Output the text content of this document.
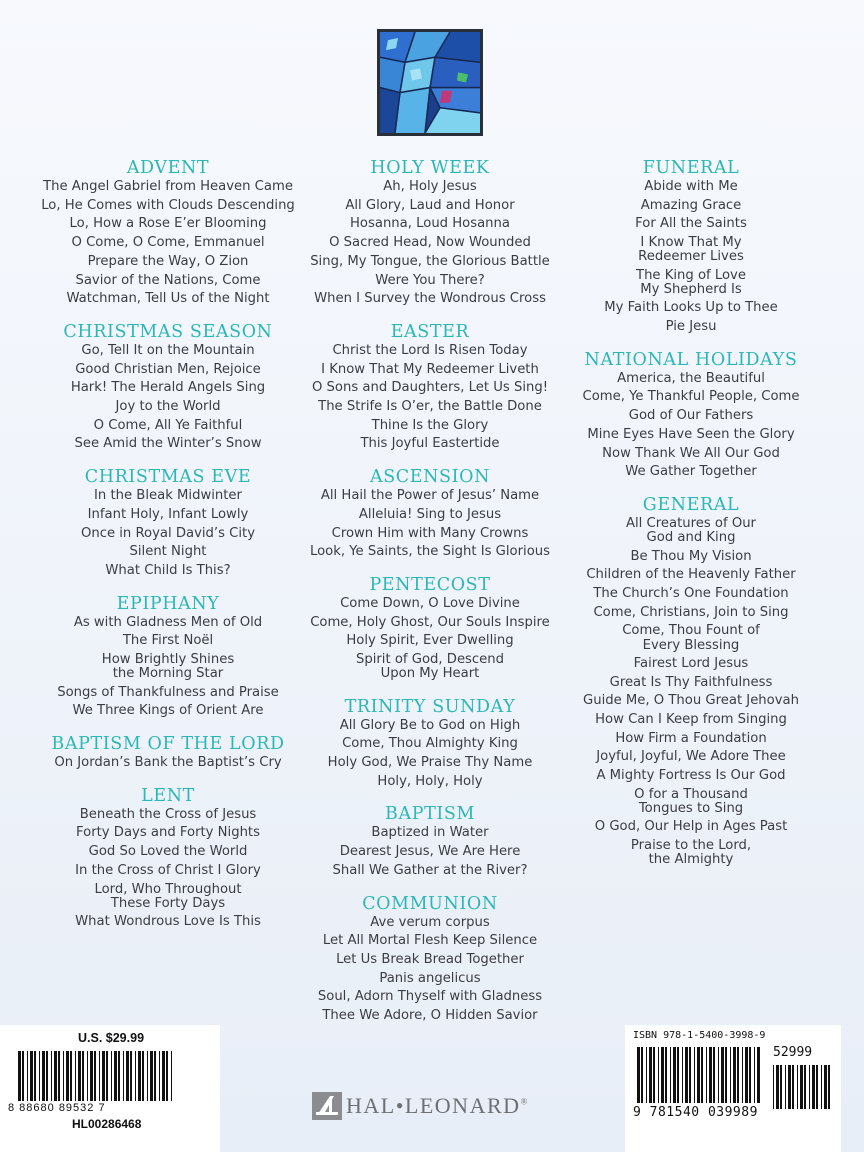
ADVENT
The Angel Gabriel from Heaven Came
Lo, He Comes with Clouds Descending
Lo, How a Rose E’er Blooming
O Come, O Come, Emmanuel
Prepare the Way, O Zion
Savior of the Nations, Come
Watchman, Tell Us of the Night
CHRISTMAS SEASON
Go, Tell It on the Mountain
Good Christian Men, Rejoice
Hark! The Herald Angels Sing
Joy to the World
O Come, All Ye Faithful
See Amid the Winter’s Snow
CHRISTMAS EVE
In the Bleak Midwinter
Infant Holy, Infant Lowly
Once in Royal David’s City
Silent Night
What Child Is This?
EPIPHANY
As with Gladness Men of Old
The First Noël
How Brightly Shines
the Morning Star
Songs of Thankfulness and Praise
We Three Kings of Orient Are
BAPTISM OF THE LORD
On Jordan’s Bank the Baptist’s Cry
LENT
Beneath the Cross of Jesus
Forty Days and Forty Nights
God So Loved the World
In the Cross of Christ I Glory
Lord, Who Throughout
These Forty Days
What Wondrous Love Is This
HOLY WEEK
Ah, Holy Jesus
All Glory, Laud and Honor
Hosanna, Loud Hosanna
O Sacred Head, Now Wounded
Sing, My Tongue, the Glorious Battle
Were You There?
When I Survey the Wondrous Cross
EASTER
Christ the Lord Is Risen Today
I Know That My Redeemer Liveth
O Sons and Daughters, Let Us Sing!
The Strife Is O’er, the Battle Done
Thine Is the Glory
This Joyful Eastertide
ASCENSION
All Hail the Power of Jesus’ Name
Alleluia! Sing to Jesus
Crown Him with Many Crowns
Look, Ye Saints, the Sight Is Glorious
PENTECOST
Come Down, O Love Divine
Come, Holy Ghost, Our Souls Inspire
Holy Spirit, Ever Dwelling
Spirit of God, Descend
Upon My Heart
TRINITY SUNDAY
All Glory Be to God on High
Come, Thou Almighty King
Holy God, We Praise Thy Name
Holy, Holy, Holy
BAPTISM
Baptized in Water
Dearest Jesus, We Are Here
Shall We Gather at the River?
COMMUNION
Ave verum corpus
Let All Mortal Flesh Keep Silence
Let Us Break Bread Together
Panis angelicus
Soul, Adorn Thyself with Gladness
Thee We Adore, O Hidden Savior
FUNERAL
Abide with Me
Amazing Grace
For All the Saints
I Know That My
Redeemer Lives
The King of Love
My Shepherd Is
My Faith Looks Up to Thee
Pie Jesu
NATIONAL HOLIDAYS
America, the Beautiful
Come, Ye Thankful People, Come
God of Our Fathers
Mine Eyes Have Seen the Glory
Now Thank We All Our God
We Gather Together
GENERAL
All Creatures of Our
God and King
Be Thou My Vision
Children of the Heavenly Father
The Church’s One Foundation
Come, Christians, Join to Sing
Come, Thou Fount of
Every Blessing
Fairest Lord Jesus
Great Is Thy Faithfulness
Guide Me, O Thou Great Jehovah
How Can I Keep from Singing
How Firm a Foundation
Joyful, Joyful, We Adore Thee
A Mighty Fortress Is Our God
O for a Thousand
Tongues to Sing
O God, Our Help in Ages Past
Praise to the Lord,
the Almighty
U.S. $29.99
8 88680 89532 7
HL00286468
ISBN 978-1-5400-3998-9
52999
9 781540 039989
HAL•LEONARD®
